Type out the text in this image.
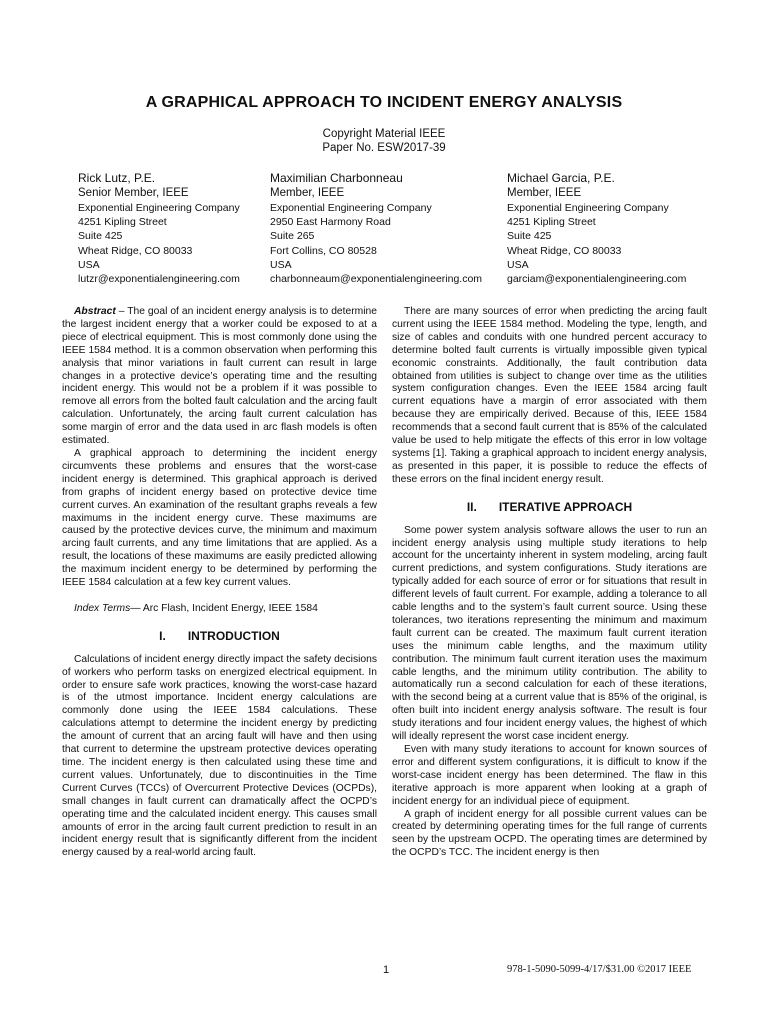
A GRAPHICAL APPROACH TO INCIDENT ENERGY ANALYSIS
Copyright Material IEEE
Paper No. ESW2017-39
Rick Lutz, P.E.
Senior Member, IEEE
Exponential Engineering Company
4251 Kipling Street
Suite 425
Wheat Ridge, CO 80033
USA
lutzr@exponentialengineering.com
Maximilian Charbonneau
Member, IEEE
Exponential Engineering Company
2950 East Harmony Road
Suite 265
Fort Collins, CO 80528
USA
charbonneaum@exponentialengineering.com
Michael Garcia, P.E.
Member, IEEE
Exponential Engineering Company
4251 Kipling Street
Suite 425
Wheat Ridge, CO 80033
USA
garciam@exponentialengineering.com

Abstract – The goal of an incident energy analysis is to determine the largest incident energy that a worker could be exposed to at a piece of electrical equipment. This is most commonly done using the IEEE 1584 method. It is a common observation when performing this analysis that minor variations in fault current can result in large changes in a protective device’s operating time and the resulting incident energy. This would not be a problem if it was possible to remove all errors from the bolted fault calculation and the arcing fault calculation. Unfortunately, the arcing fault current calculation has some margin of error and the data used in arc flash models is often estimated.

A graphical approach to determining the incident energy circumvents these problems and ensures that the worst-case incident energy is determined. This graphical approach is derived from graphs of incident energy based on protective device time current curves. An examination of the resultant graphs reveals a few maximums in the incident energy curve. These maximums are caused by the protective devices curve, the minimum and maximum arcing fault currents, and any time limitations that are applied. As a result, the locations of these maximums are easily predicted allowing the maximum incident energy to be determined by performing the IEEE 1584 calculation at a few key current values.

Index Terms— Arc Flash, Incident Energy, IEEE 1584

I. INTRODUCTION

Calculations of incident energy directly impact the safety decisions of workers who perform tasks on energized electrical equipment. In order to ensure safe work practices, knowing the worst-case hazard is of the utmost importance. Incident energy calculations are commonly done using the IEEE 1584 calculations. These calculations attempt to determine the incident energy by predicting the amount of current that an arcing fault will have and then using that current to determine the upstream protective devices operating time. The incident energy is then calculated using these time and current values. Unfortunately, due to discontinuities in the Time Current Curves (TCCs) of Overcurrent Protective Devices (OCPDs), small changes in fault current can dramatically affect the OCPD’s operating time and the calculated incident energy. This causes small amounts of error in the arcing fault current prediction to result in an incident energy result that is significantly different from the incident energy caused by a real-world arcing fault.

There are many sources of error when predicting the arcing fault current using the IEEE 1584 method. Modeling the type, length, and size of cables and conduits with one hundred percent accuracy to determine bolted fault currents is virtually impossible given typical economic constraints. Additionally, the fault contribution data obtained from utilities is subject to change over time as the utilities system configuration changes. Even the IEEE 1584 arcing fault current equations have a margin of error associated with them because they are empirically derived. Because of this, IEEE 1584 recommends that a second fault current that is 85% of the calculated value be used to help mitigate the effects of this error in low voltage systems [1]. Taking a graphical approach to incident energy analysis, as presented in this paper, it is possible to reduce the effects of these errors on the final incident energy result.

II. ITERATIVE APPROACH

Some power system analysis software allows the user to run an incident energy analysis using multiple study iterations to help account for the uncertainty inherent in system modeling, arcing fault current predictions, and system configurations. Study iterations are typically added for each source of error or for situations that result in different levels of fault current. For example, adding a tolerance to all cable lengths and to the system’s fault current source. Using these tolerances, two iterations representing the minimum and maximum fault current can be created. The maximum fault current iteration uses the minimum cable lengths, and the maximum utility contribution. The minimum fault current iteration uses the maximum cable lengths, and the minimum utility contribution. The ability to automatically run a second calculation for each of these iterations, with the second being at a current value that is 85% of the original, is often built into incident energy analysis software. The result is four study iterations and four incident energy values, the highest of which will ideally represent the worst case incident energy.

Even with many study iterations to account for known sources of error and different system configurations, it is difficult to know if the worst-case incident energy has been determined. The flaw in this iterative approach is more apparent when looking at a graph of incident energy for an individual piece of equipment.

A graph of incident energy for all possible current values can be created by determining operating times for the full range of currents seen by the upstream OCPD. The operating times are determined by the OCPD’s TCC. The incident energy is then

1	978-1-5090-5099-4/17/$31.00 ©2017 IEEE
